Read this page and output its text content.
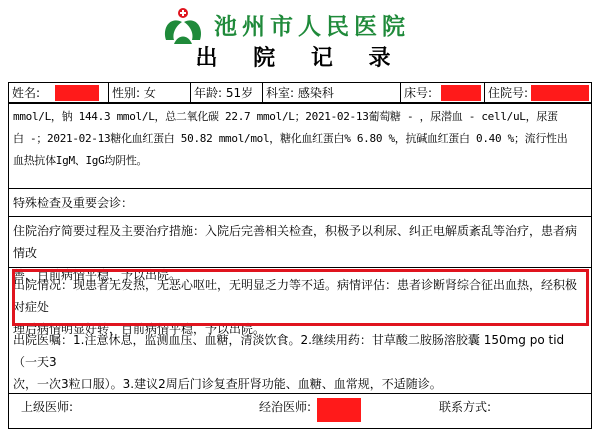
池州市人民医院
出 院 记 录
姓名:	性别: 女	年龄: 51岁	科室: 感染科	床号:	住院号:
mmol/L，钠 144.3 mmol/L，总二氧化碳 22.7 mmol/L；2021-02-13葡萄糖 - ，尿潜血 - cell/uL，尿蛋
白 -；2021-02-13糖化血红蛋白 50.82 mmol/mol，糖化血红蛋白% 6.80 %，抗碱血红蛋白 0.40 %；流行性出
血热抗体IgM、IgG均阴性。
特殊检查及重要会诊：
住院治疗简要过程及主要治疗措施：入院后完善相关检查，积极予以利尿、纠正电解质紊乱等治疗，患者病情改
善，目前病情平稳，予以出院。
出院情况：现患者无发热，无恶心呕吐，无明显乏力等不适。病情评估：患者诊断肾综合征出血热，经积极对症处
理后病情明显好转，目前病情平稳，予以出院。
出院医嘱：1.注意休息，监测血压、血糖，清淡饮食。2.继续用药：甘草酸二胺肠溶胶囊 150mg po tid（一天3
次，一次3粒口服）。3.建议2周后门诊复查肝肾功能、血糖、血常规，不适随诊。
上级医师:	经治医师:	联系方式:
